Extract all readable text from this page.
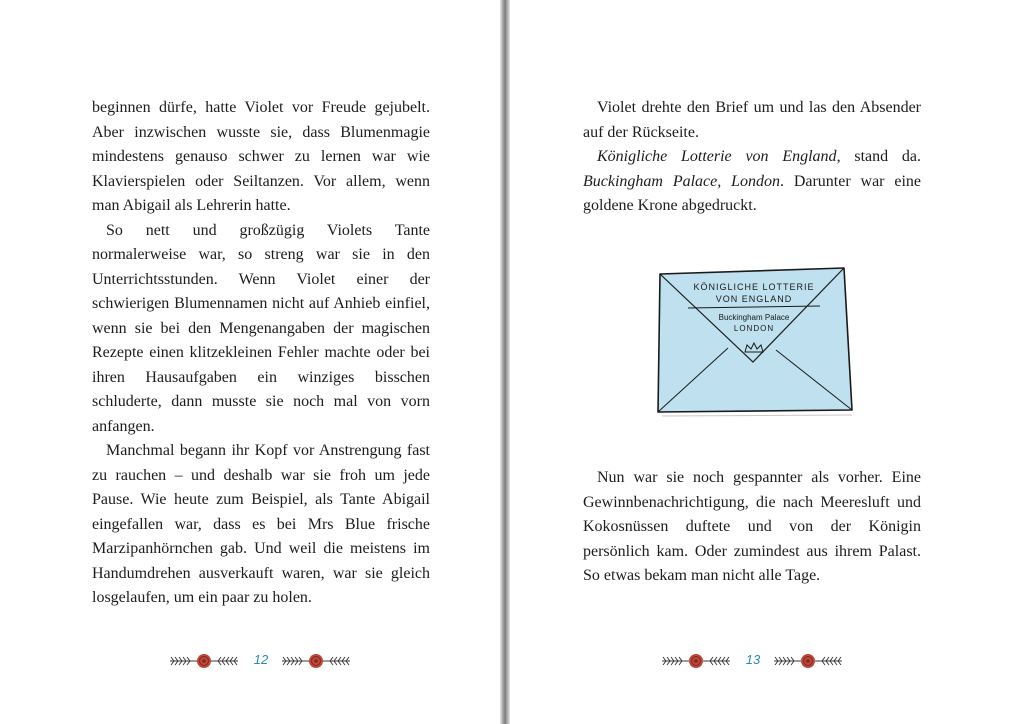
beginnen dürfe, hatte Violet vor Freude gejubelt. Aber inzwischen wusste sie, dass Blumenmagie mindestens genauso schwer zu lernen war wie Klavierspielen oder Seiltanzen. Vor allem, wenn man Abigail als Lehrerin hatte.

So nett und großzügig Violets Tante normalerweise war, so streng war sie in den Unterrichtsstunden. Wenn Violet einer der schwierigen Blumennamen nicht auf Anhieb einfiel, wenn sie bei den Mengenangaben der magischen Rezepte einen klitzekleinen Fehler machte oder bei ihren Hausaufgaben ein winziges bisschen schluderte, dann musste sie noch mal von vorn anfangen.

Manchmal begann ihr Kopf vor Anstrengung fast zu rauchen – und deshalb war sie froh um jede Pause. Wie heute zum Beispiel, als Tante Abigail eingefallen war, dass es bei Mrs Blue frische Marzipanhörnchen gab. Und weil die meistens im Handumdrehen ausverkauft waren, war sie gleich losgelaufen, um ein paar zu holen.

12

Violet drehte den Brief um und las den Absender auf der Rückseite.

Königliche Lotterie von England, stand da. Buckingham Palace, London. Darunter war eine goldene Krone abgedruckt.

KÖNIGLICHE LOTTERIE
VON ENGLAND
Buckingham Palace
LONDON

Nun war sie noch gespannter als vorher. Eine Gewinnbenachrichtigung, die nach Meeresluft und Kokosnüssen duftete und von der Königin persönlich kam. Oder zumindest aus ihrem Palast. So etwas bekam man nicht alle Tage.

13
